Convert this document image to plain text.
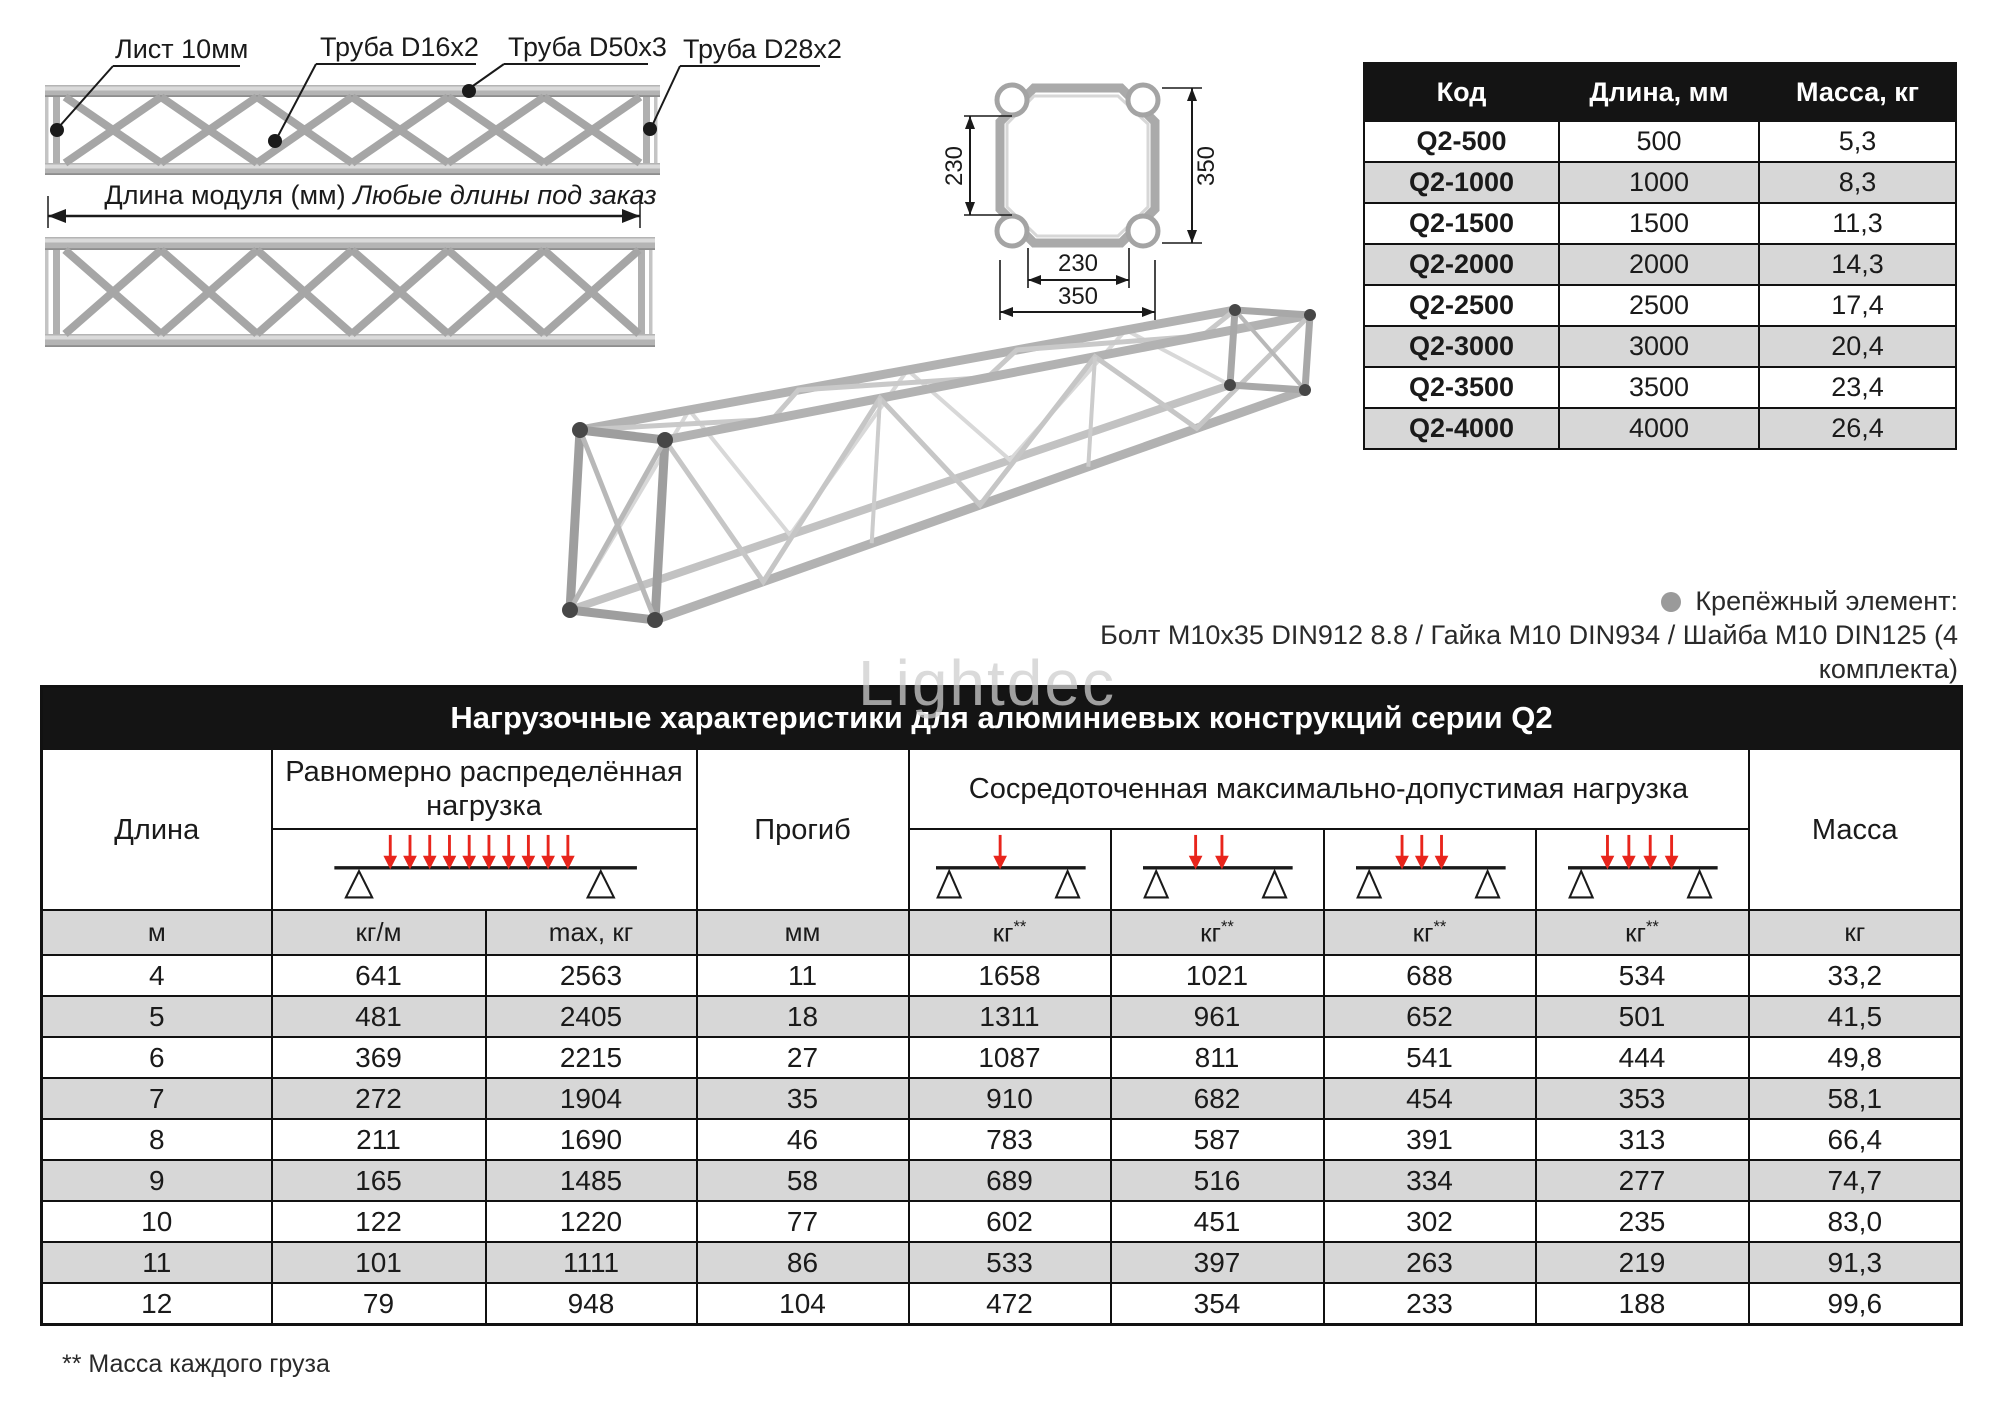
Лист 10мм	Труба D16x2 Труба D50x3 Труба D28x2
Длина модуля (мм) Любые длины под заказ
230	350
230
350
Код	Длина, мм	Масса, кг
Q2-500	500	5,3
Q2-1000	1000	8,3
Q2-1500	1500	11,3
Q2-2000	2000	14,3
Q2-2500	2500	17,4
Q2-3000	3000	20,4
Q2-3500	3500	23,4
Q2-4000	4000	26,4
Крепёжный элемент:
Болт M10x35 DIN912 8.8 / Гайка M10 DIN934 / Шайба M10 DIN125 (4 комплекта)
Нагрузочные характеристики для алюминиевых конструкций серии Q2								
Длина	Равномерно распределённая нагрузка		Прогиб	Сосредоточенная максимально-допустимая нагрузка				Масса

м	кг/м	max, кг	мм	кг**	кг**	кг**	кг**	кг
4	641	2563	11	1658	1021	688	534	33,2
5	481	2405	18	1311	961	652	501	41,5
6	369	2215	27	1087	811	541	444	49,8
7	272	1904	35	910	682	454	353	58,1
8	211	1690	46	783	587	391	313	66,4
9	165	1485	58	689	516	334	277	74,7
10	122	1220	77	602	451	302	235	83,0
11	101	1111	86	533	397	263	219	91,3
12	79	948	104	472	354	233	188	99,6
** Масса каждого груза
Lightdec
